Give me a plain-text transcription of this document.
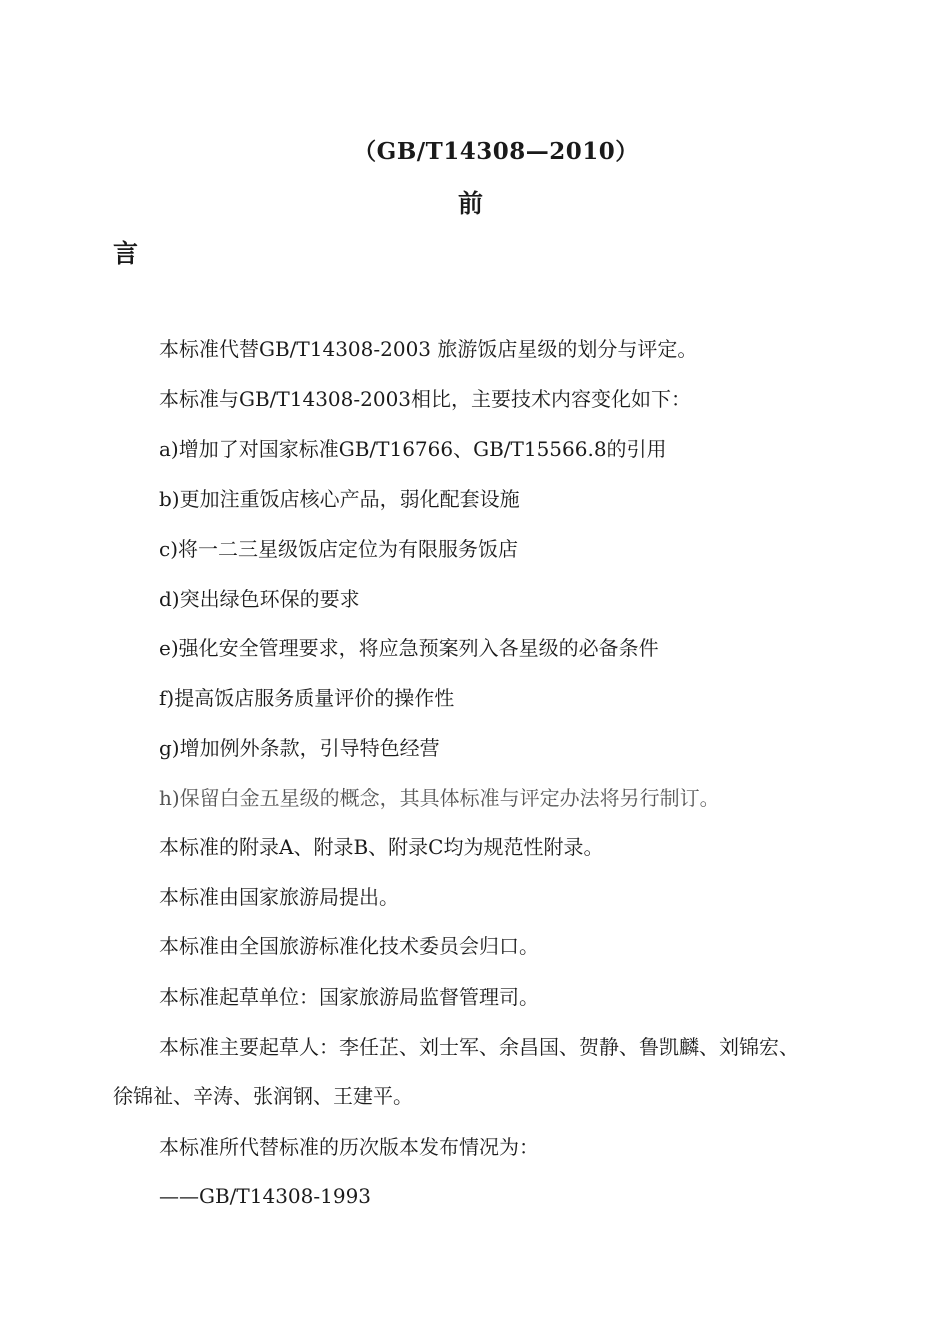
（GB/T14308—2010）
前
言
本标准代替GB/T14308-2003 旅游饭店星级的划分与评定。
本标准与GB/T14308-2003相比，主要技术内容变化如下：
a)增加了对国家标准GB/T16766、GB/T15566.8的引用
b)更加注重饭店核心产品，弱化配套设施
c)将一二三星级饭店定位为有限服务饭店
d)突出绿色环保的要求
e)强化安全管理要求，将应急预案列入各星级的必备条件
f)提高饭店服务质量评价的操作性
g)增加例外条款，引导特色经营
h)保留白金五星级的概念，其具体标准与评定办法将另行制订。
本标准的附录A、附录B、附录C均为规范性附录。
本标准由国家旅游局提出。
本标准由全国旅游标准化技术委员会归口。
本标准起草单位：国家旅游局监督管理司。
本标准主要起草人：李任芷、刘士军、余昌国、贺静、鲁凯麟、刘锦宏、
徐锦祉、辛涛、张润钢、王建平。
本标准所代替标准的历次版本发布情况为：
——GB/T14308-1993
